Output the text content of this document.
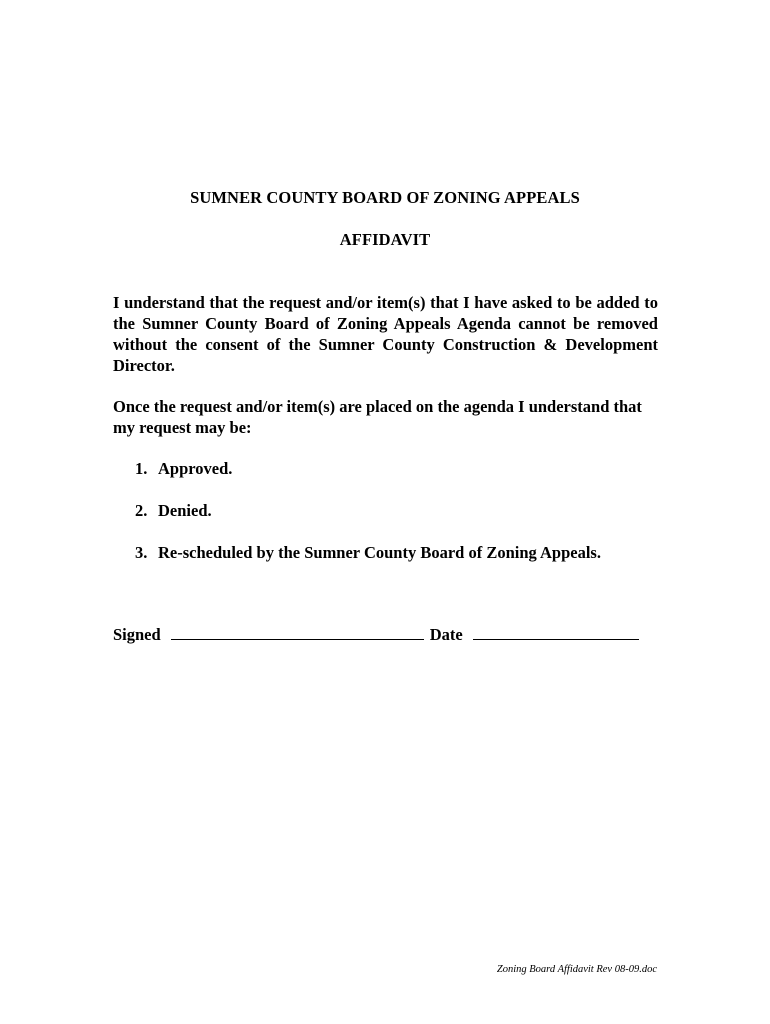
SUMNER COUNTY BOARD OF ZONING APPEALS
AFFIDAVIT
I understand that the request and/or item(s) that I have asked to be added to the Sumner County Board of Zoning Appeals Agenda cannot be removed without the consent of the Sumner County Construction & Development Director.
Once the request and/or item(s) are placed on the agenda I understand that my request may be:
1. Approved.
2. Denied.
3. Re-scheduled by the Sumner County Board of Zoning Appeals.
Signed	Date
Zoning Board Affidavit Rev 08-09.doc
